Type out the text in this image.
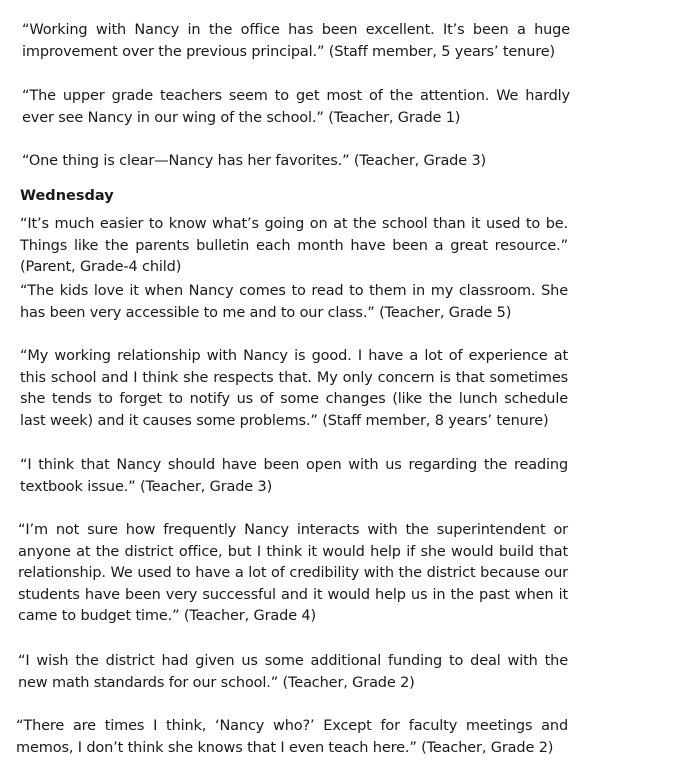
“Working with Nancy in the office has been excellent. It’s been a huge improvement over the previous principal.” (Staff member, 5 years’ tenure)

“The upper grade teachers seem to get most of the attention. We hardly ever see Nancy in our wing of the school.” (Teacher, Grade 1)

“One thing is clear—Nancy has her favorites.” (Teacher, Grade 3)

Wednesday

“It’s much easier to know what’s going on at the school than it used to be. Things like the parents bulletin each month have been a great resource.” (Parent, Grade-4 child)

“The kids love it when Nancy comes to read to them in my classroom. She has been very accessible to me and to our class.” (Teacher, Grade 5)

“My working relationship with Nancy is good. I have a lot of experience at this school and I think she respects that. My only concern is that sometimes she tends to forget to notify us of some changes (like the lunch schedule last week) and it causes some problems.” (Staff member, 8 years’ tenure)

“I think that Nancy should have been open with us regarding the reading textbook issue.” (Teacher, Grade 3)

“I’m not sure how frequently Nancy interacts with the superintendent or anyone at the district office, but I think it would help if she would build that relationship. We used to have a lot of credibility with the district because our students have been very successful and it would help us in the past when it came to budget time.” (Teacher, Grade 4)

“I wish the district had given us some additional funding to deal with the new math standards for our school.” (Teacher, Grade 2)

“There are times I think, ‘Nancy who?’ Except for faculty meetings and memos, I don’t think she knows that I even teach here.” (Teacher, Grade 2)
